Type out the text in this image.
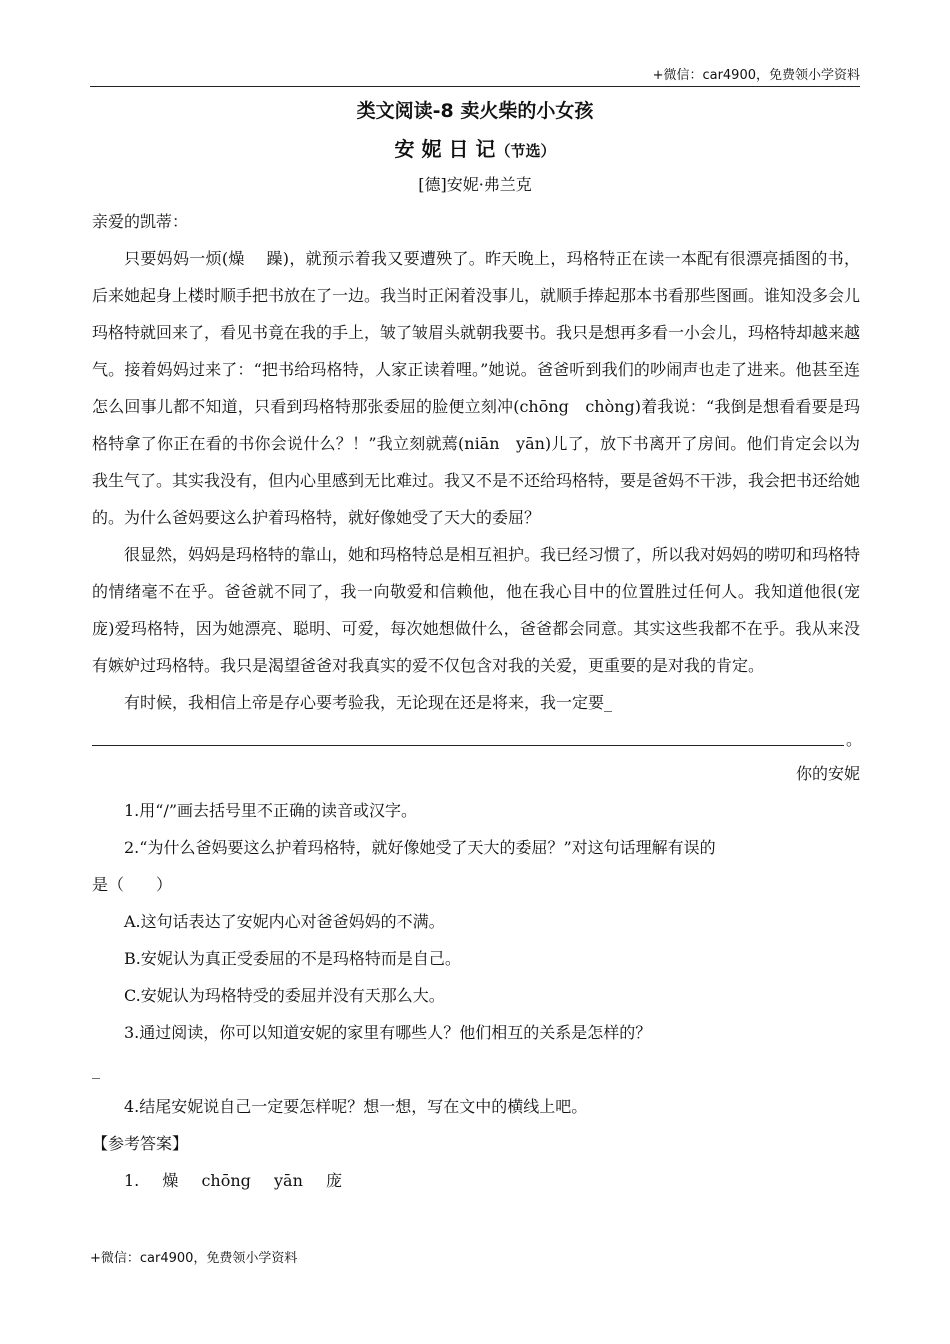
+微信：car4900，免费领小学资料
类文阅读-8 卖火柴的小女孩
安 妮 日 记（节选）
[德]安妮·弗兰克

亲爱的凯蒂：

只要妈妈一烦(燥　 躁)，就预示着我又要遭殃了。昨天晚上，玛格特正在读一本配有很漂亮插图的书，后来她起身上楼时顺手把书放在了一边。我当时正闲着没事儿，就顺手捧起那本书看那些图画。谁知没多会儿玛格特就回来了，看见书竟在我的手上，皱了皱眉头就朝我要书。我只是想再多看一小会儿，玛格特却越来越气。接着妈妈过来了：“把书给玛格特，人家正读着哩。”她说。爸爸听到我们的吵闹声也走了进来。他甚至连怎么回事儿都不知道，只看到玛格特那张委屈的脸便立刻冲(chōng　chòng)着我说：“我倒是想看看要是玛格特拿了你正在看的书你会说什么？！”我立刻就蔫(niān　yān)儿了，放下书离开了房间。他们肯定会以为我生气了。其实我没有，但内心里感到无比难过。我又不是不还给玛格特，要是爸妈不干涉，我会把书还给她的。为什么爸妈要这么护着玛格特，就好像她受了天大的委屈？

很显然，妈妈是玛格特的靠山，她和玛格特总是相互袒护。我已经习惯了，所以我对妈妈的唠叨和玛格特的情绪毫不在乎。爸爸就不同了，我一向敬爱和信赖他，他在我心目中的位置胜过任何人。我知道他很(宠　 庞)爱玛格特，因为她漂亮、聪明、可爱，每次她想做什么，爸爸都会同意。其实这些我都不在乎。我从来没有嫉妒过玛格特。我只是渴望爸爸对我真实的爱不仅包含对我的关爱，更重要的是对我的肯定。

有时候，我相信上帝是存心要考验我，无论现在还是将来，我一定要_

。

你的安妮

1.用“/”画去括号里不正确的读音或汉字。

2.“为什么爸妈要这么护着玛格特，就好像她受了天大的委屈？”对这句话理解有误的

是（　　）

A.这句话表达了安妮内心对爸爸妈妈的不满。

B.安妮认为真正受委屈的不是玛格特而是自己。

C.安妮认为玛格特受的委屈并没有天那么大。

3.通过阅读，你可以知道安妮的家里有哪些人？他们相互的关系是怎样的？

_

4.结尾安妮说自己一定要怎样呢？想一想，写在文中的横线上吧。

【参考答案】

1. 燥 chōng yān 庞

+微信：car4900，免费领小学资料
